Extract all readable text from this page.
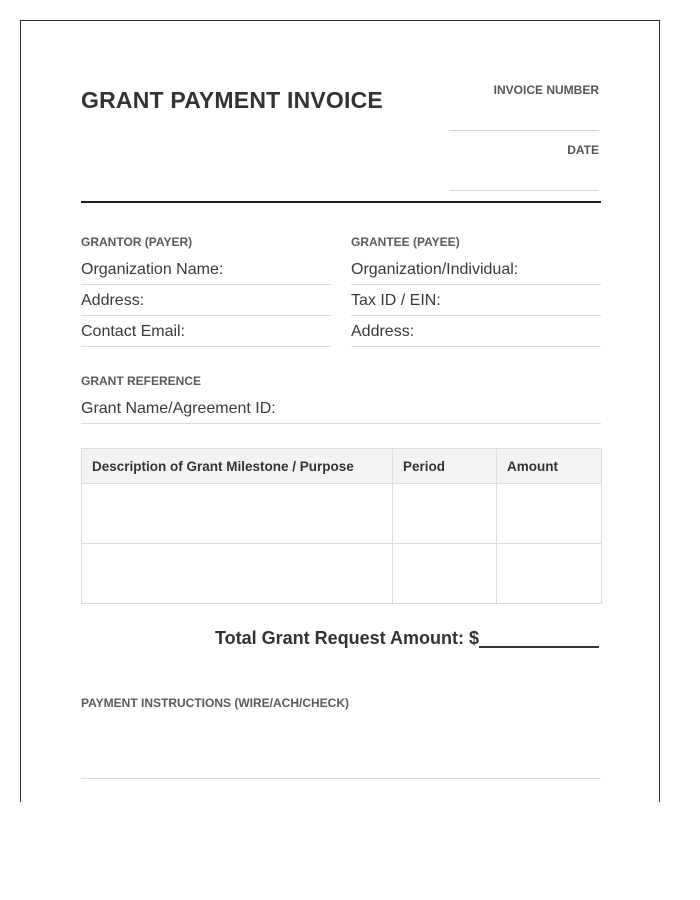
GRANT PAYMENT INVOICE	INVOICE NUMBER
DATE
GRANTOR (PAYER)
Organization Name:
Address:
Contact Email:
GRANTEE (PAYEE)
Organization/Individual:
Tax ID / EIN:
Address:
GRANT REFERENCE
Grant Name/Agreement ID:
Description of Grant Milestone / Purpose	Period	Amount

Total Grant Request Amount: $
PAYMENT INSTRUCTIONS (WIRE/ACH/CHECK)
